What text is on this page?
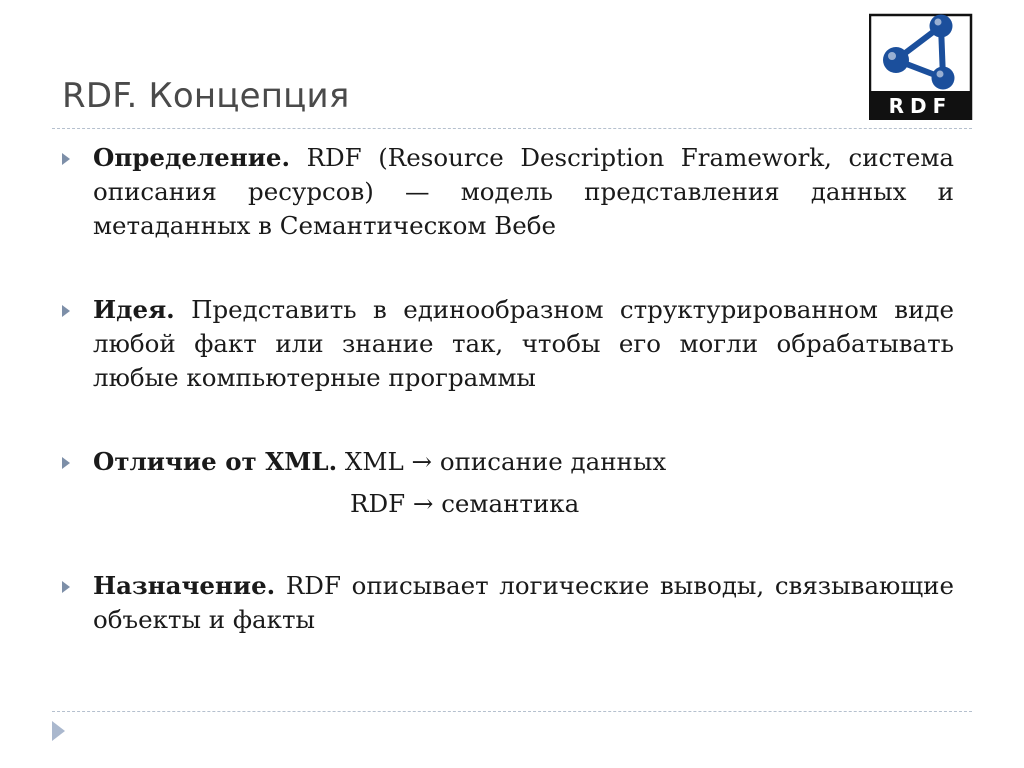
RDF. Концепция	RDF
Определение. RDF (Resource Description Framework, система описания ресурсов) — модель представления данных и метаданных в Семантическом Вебе
Идея. Представить в единообразном структурированном виде любой факт или знание так, чтобы его могли обрабатывать любые компьютерные программы
Отличие от XML. XML → описание данных
RDF → семантика
Назначение. RDF описывает логические выводы, связывающие объекты и факты
